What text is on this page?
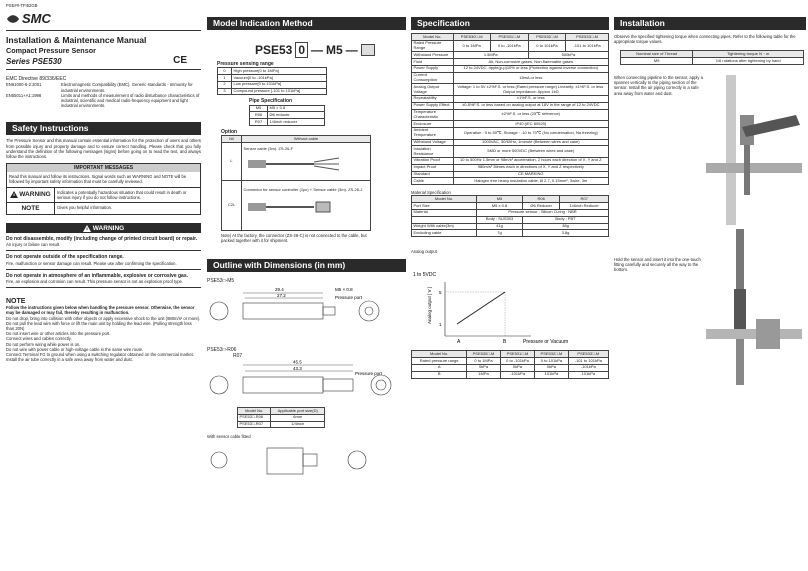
PSE##-TFI52GB
SMC
Installation & Maintenance Manual
Compact Pressure Sensor
Series PSE530	CE
EMC Directive 89/336/EEC
EN61000-6-2:2001	Electromagnetic Compatibility (EMC). Generic standards - Immunity for industrial environments.
EN55011+A1:1998	Limits and methods of measurement of radio disturbance characteristics of industrial, scientific and medical radio-frequency equipment and light industrial environments.
Safety Instructions
The Pressure Sensor and this manual contain essential information for the protection of users and others from possible injury and property damage and to ensure correct handling. Please check that you fully understand the definition of the following messages (signs) before going on to read the text, and always follow the instructions.
IMPORTANT MESSAGES
Read this manual and follow its instructions. Signal words such as WARNING and NOTE will be followed by important safety information that must be carefully reviewed.
WARNING	Indicates a potentially hazardous situation that could result in death or serious injury if you do not follow instructions.
NOTE	Gives you helpful information.
WARNING
Do not disassemble, modify (including change of printed circuit board) or repair.
An injury or failure can result.
Do not operate outside of the specification range.
Fire, malfunction or sensor damage can result. Please use after confirming the specification.
Do not operate in atmosphere of an inflammable, explosive or corrosive gas.
Fire, an explosion and corrosion can result. This pressure sensor is not an explosion proof type.
NOTE
Follow the instructions given below when handling the pressure sensor. Otherwise, the sensor may be damaged or may fail, thereby resulting in malfunction.
Do not drop, bring into collision with other objects or apply excessive shock to the unit (980m/s² or more).
Do not pull the lead wire with force or lift the main unit by holding the lead wire. (Pulling strength less than 20N)
Do not insert wire or other articles into the pressure port.
Connect wires and cables correctly.
Do not perform wiring while power is on.
Do not wire with power cable or high-voltage cable in the same wire route.
Connect Terminal FG to ground when using a switching regulator obtained on the commercial market.
Install the air tube correctly in a safe area away from water and dust.
Model Indication Method
PSE53 0 — M5 —
Pressure sensing range
0	High pressure[0 to 1MPa]
1	Vacuum[0 to -101kPa]
2	Low pressure[0 to 101kPa]
3	Compound pressure [-101 to 101kPa]
Pipe Specification
M5	M5 × 0.8
R06	Ø6 reducer
R07	1/4inch reducer
Option
Nil	Without cable
L	Sensor cable (3m). ZS-26-F

C2L	Connector for sensor controller (1pc) + Sensor cable (3m). ZS-26-J
Note) At the factory, the connector (ZS-28-C) is not connected to the cable, but packed together with it for shipment.
Outline with Dimensions (in mm)
PSE53□-M5
29.4
27.2
M5 × 0.8
Pressure port
PSE53□-R06
R07
45.5
43.3
Pressure port
Model No.	Applicable port size(D)
PSE53□-R06	6mm
PSE53□-R07	1/4inch
With sensor cable fitted
Specification
Model No.	PSE530□-M	PSE531□-M	PSE532□-M	PSE533□-M
Rated Pressure Range	0 to 1MPa	0 to -101kPa	0 to 101kPa	-101 to 101kPa
Withstand Pressure	1.5MPa		500kPa	
Fluid	Air, Non-corrosive gases, Non-flammable gases			
Power Supply	12 to 24VDC, ripple(p-p)10% or less (Protection against inverse connection)			
Current Consumption	15mA or less			
Analog Output Voltage	Voltage: 1 to 5V ±2%F.S. or less (Rated pressure range) Linearity: ±1%F.S. or less. Output impedance: Approx 1kΩ			
Repeatability	±1%F.S. or less			
Power Supply Effect	±0.8%F.S. or less based on analog output at 18V in the range of 12 to 24VDC			
Temperature Characteristic	±2%F.S. or less (25℃ reference)			
Enclosure	IP40 (IEC 60529)			
Ambient Temperature	Operation : 0 to 50℃, Storage : -10 to 70℃ (No condensation, No freezing)			
Withstand Voltage	1000VAC, 50/60Hz, 1minute (Between wires and case)			
Insulation Resistance	5MΩ or more 500VDC (Between wires and case)			
Vibration Proof	10 to 500Hz 1.5mm or 98m/s² acceleration, 2 hours each direction of X, Y and Z			
Impact Proof	980m/s² 3times each in directions of X, Y and Z respectively			
Standard	CE MARKING			
Cable	Halogen free heavy insulation cable, Ø 2.7, 0.15mm², 3wire, 3m			
Material Specification
Model No.	M5	R06	R07
Port Size	M5 x 0.8	Ø6 Reducer	1/4inch Reducer
Material	Pressure sensor : Silicon O-ring : NBR		
	Body : SUS303	Body : PBT	
Weight With cable(3m)	41g	38g	
Excluding cable	7g	3.8g	
Analog output
1 to 5VDC
Analog output [ V ] 5
1
A	B	Pressure or Vacuum
Model No.	PSE530□-M	PSE531□-M	PSE532□-M	PSE533□-M
Rated pressure range	0 to 1MPa	0 to -101kPa	0 to 101kPa	-101 to 101kPa
A	0kPa	0kPa	0kPa	-101kPa
B	1MPa	-101kPa	101kPa	101kPa
Installation
Observe the specified tightening torque when connecting pipes. Refer to the following table for the appropriate torque values.
Nominal size of Thread	Tightening torque N・m
M5	1/6 rotations after tightening by hand
When connecting pipeline to the sensor, apply a spanner vertically to the piping section of the sensor. Install the air piping correctly in a safe area away from water and dust.
Hold the sensor and insert it into the one-touch fitting carefully and securely all the way to the bottom.
